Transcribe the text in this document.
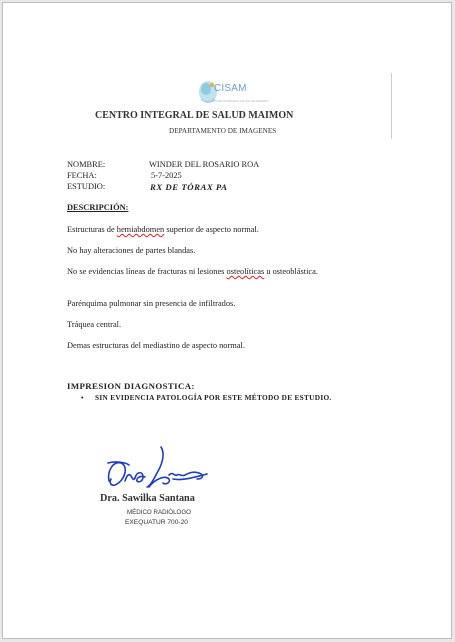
CISAM
CENTRO INTEGRAL DE SALUD MAIMON
CENTRO INTEGRAL DE SALUD MAIMON
DEPARTAMENTO DE IMAGENES
NOMBRE:	WINDER DEL ROSARIO ROA
FECHA:	5-7-2025
ESTUDIO:	RX DE TÓRAX PA
DESCRIPCIÓN:
Estructuras de hemiabdomen superior de aspecto normal.
No hay alteraciones de partes blandas.
No se evidencias líneas de fracturas ni lesiones osteolíticas u osteoblástica.
Parénquima pulmonar sin presencia de infiltrados.
Tráquea central.
Demas estructuras del mediastino de aspecto normal.
IMPRESION DIAGNOSTICA:
• SIN EVIDENCIA PATOLOGÍA POR ESTE MÉTODO DE ESTUDIO.
Dra. Sawilka Santana
MÉDICO RADIÓLOGO
EXEQUATUR 700-20
